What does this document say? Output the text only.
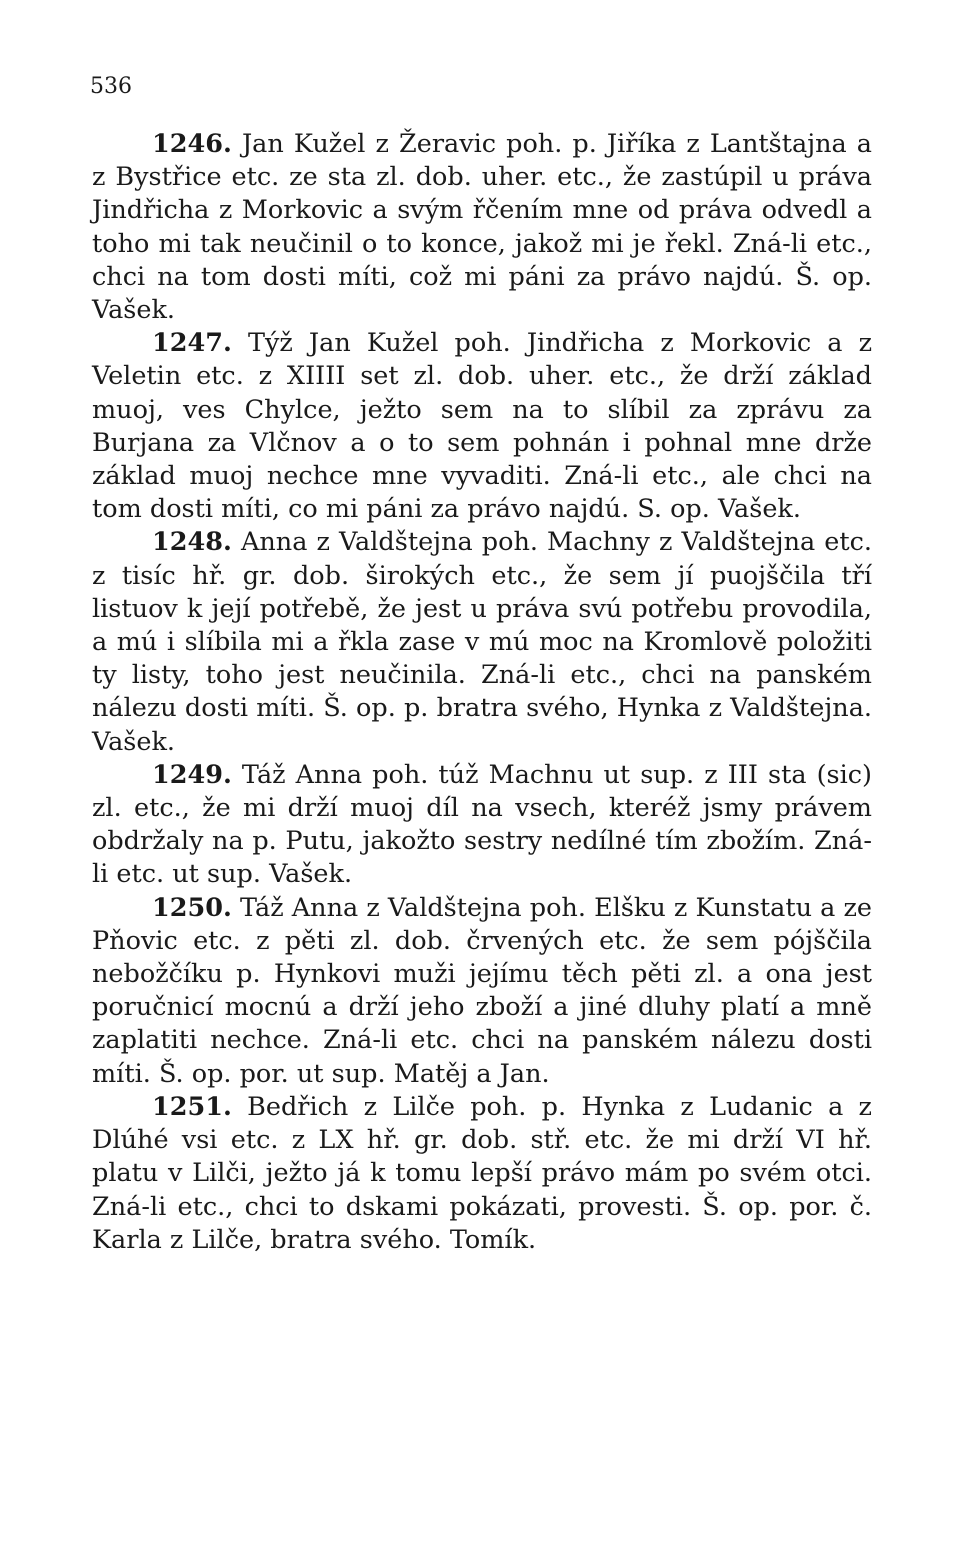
536

1246. Jan Kužel z Žeravic poh. p. Jiříka z Lantštajna a z Bystřice etc. ze sta zl. dob. uher. etc., že zastúpil u práva Jindřicha z Morkovic a svým řčením mne od práva odvedl a toho mi tak neučinil o to konce, jakož mi je řekl. Zná-li etc., chci na tom dosti míti, což mi páni za právo najdú. Š. op. Vašek.

1247. Týž Jan Kužel poh. Jindřicha z Morkovic a z Veletin etc. z XIIII set zl. dob. uher. etc., že drží základ muoj, ves Chylce, ježto sem na to slíbil za zprávu za Burjana za Vlčnov a o to sem pohnán i pohnal mne drže základ muoj nechce mne vyvaditi. Zná-li etc., ale chci na tom dosti míti, co mi páni za právo najdú. S. op. Vašek.

1248. Anna z Valdštejna poh. Machny z Valdštejna etc. z tisíc hř. gr. dob. širokých etc., že sem jí puojščila tří listuov k její potřebě, že jest u práva svú potřebu provodila, a mú i slíbila mi a řkla zase v mú moc na Kromlově položiti ty listy, toho jest neučinila. Zná-li etc., chci na panském nálezu dosti míti. Š. op. p. bratra svého, Hynka z Valdštejna. Vašek.

1249. Táž Anna poh. túž Machnu ut sup. z III sta (sic) zl. etc., že mi drží muoj díl na vsech, kteréž jsmy právem obdržaly na p. Putu, jakožto sestry nedílné tím zbožím. Zná-li etc. ut sup. Vašek.

1250. Táž Anna z Valdštejna poh. Elšku z Kunstatu a ze Pňovic etc. z pěti zl. dob. črvených etc. že sem pójščila nebožčíku p. Hynkovi muži jejímu těch pěti zl. a ona jest poručnicí mocnú a drží jeho zboží a jiné dluhy platí a mně zaplatiti nechce. Zná-li etc. chci na panském nálezu dosti míti. Š. op. por. ut sup. Matěj a Jan.

1251. Bedřich z Lilče poh. p. Hynka z Ludanic a z Dlúhé vsi etc. z LX hř. gr. dob. stř. etc. že mi drží VI hř. platu v Lilči, ježto já k tomu lepší právo mám po svém otci. Zná-li etc., chci to dskami pokázati, provesti. Š. op. por. č. Karla z Lilče, bratra svého. Tomík.
